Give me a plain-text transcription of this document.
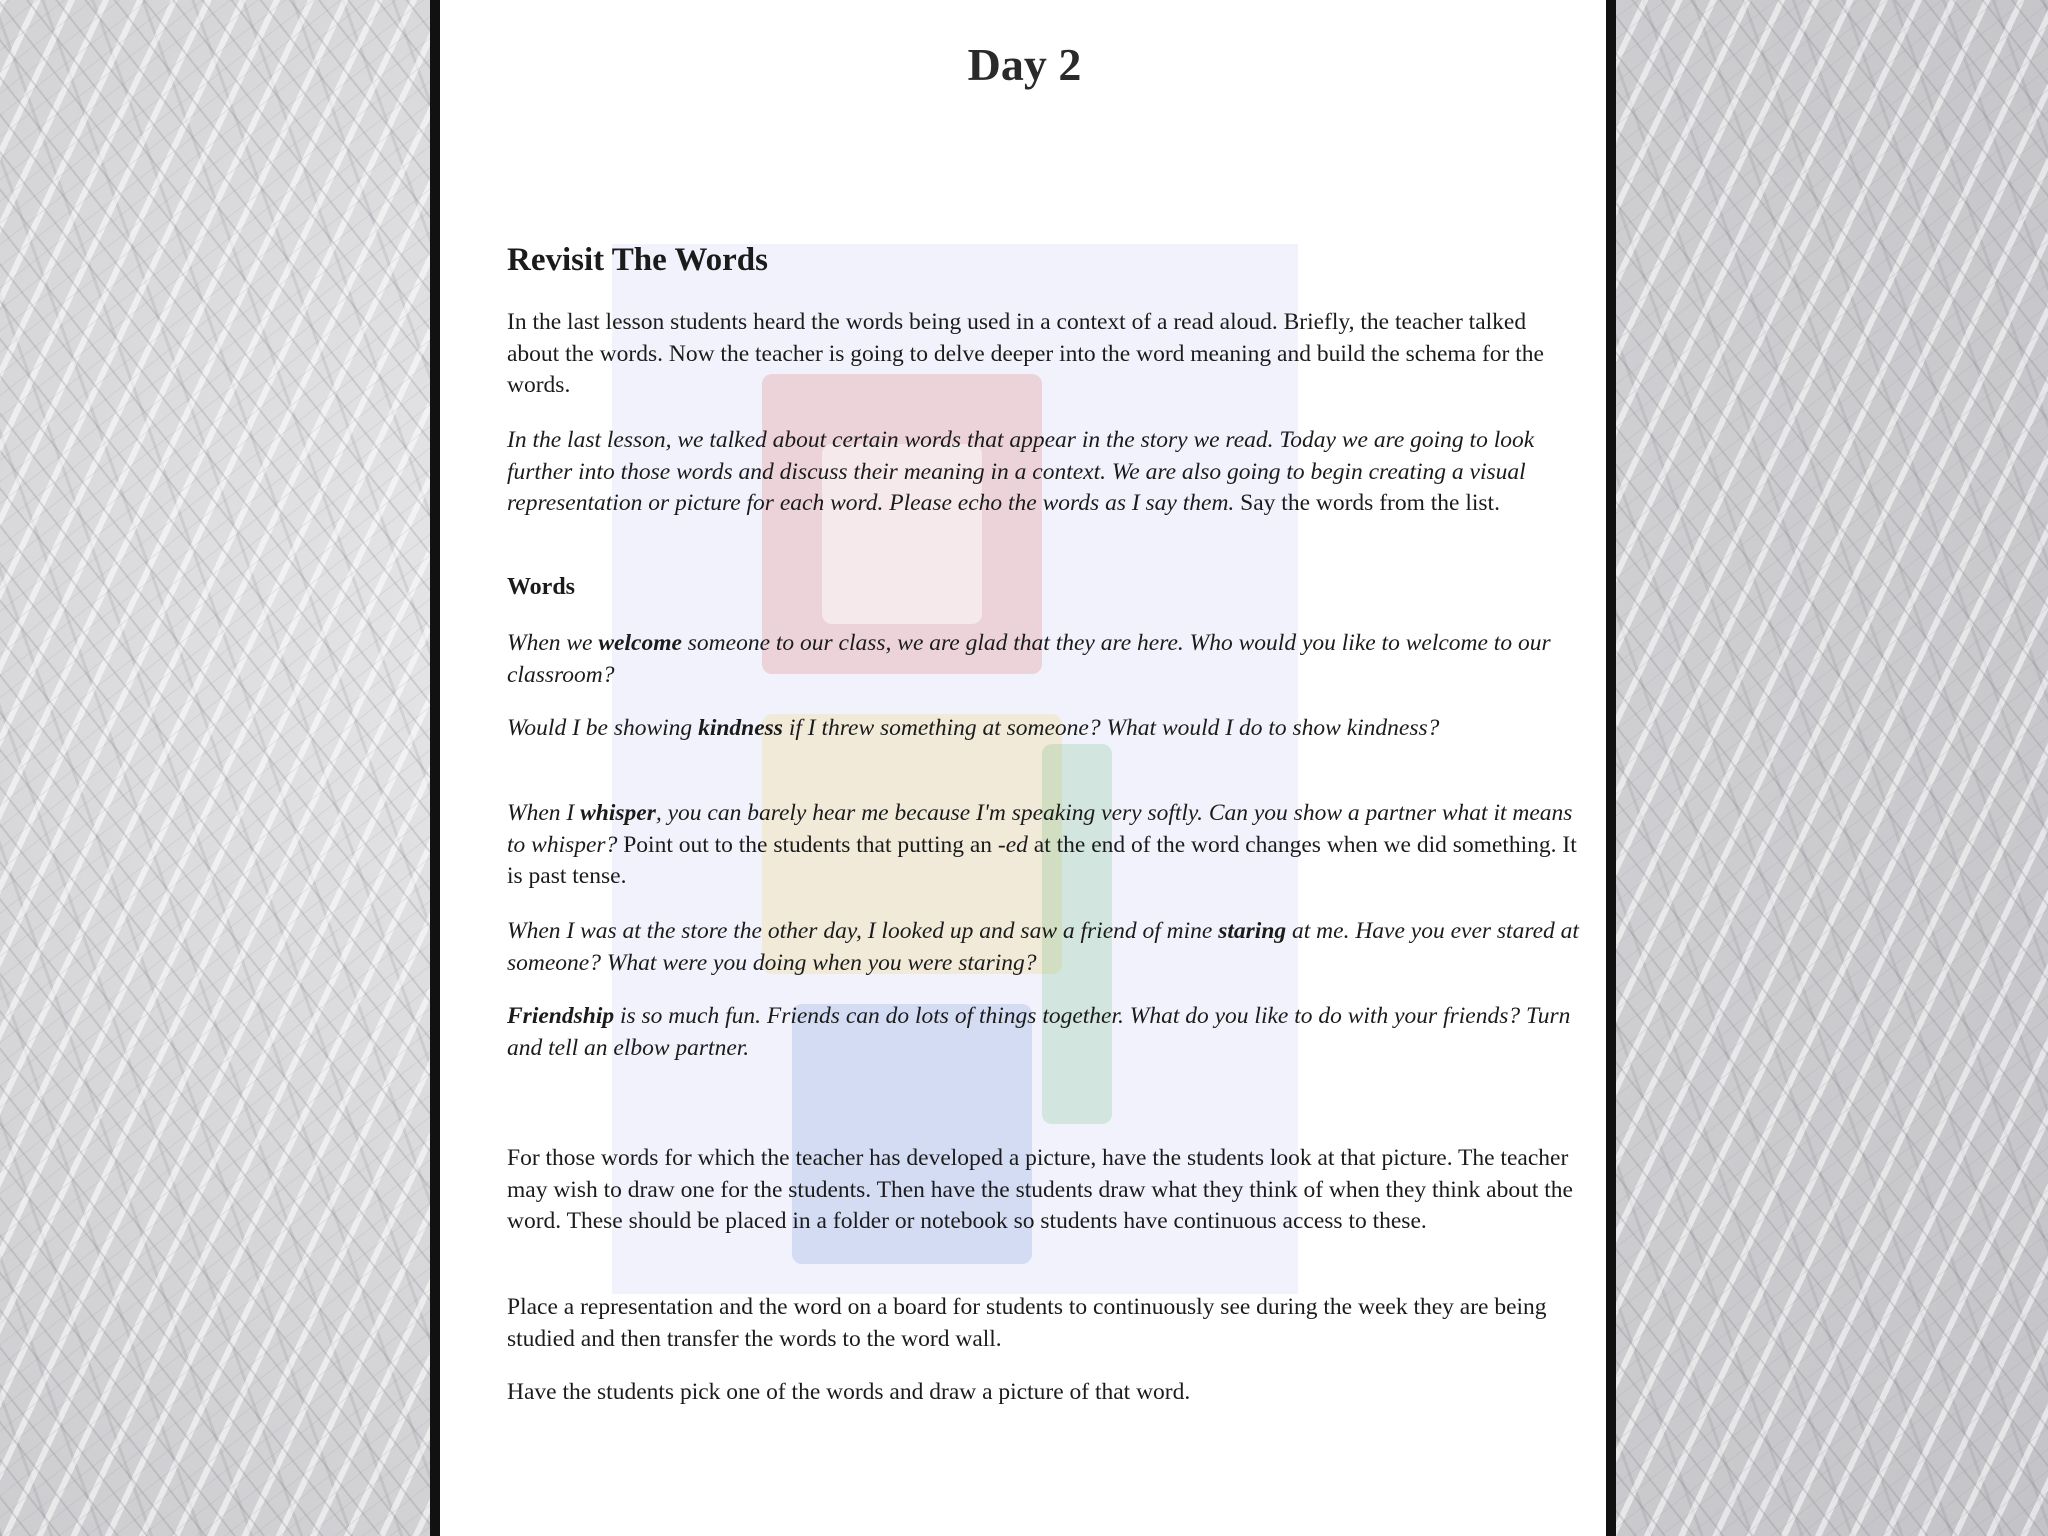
Day 2
Revisit The Words

In the last lesson students heard the words being used in a context of a read aloud. Briefly, the teacher talked about the words. Now the teacher is going to delve deeper into the word meaning and build the schema for the words.

In the last lesson, we talked about certain words that appear in the story we read. Today we are going to look further into those words and discuss their meaning in a context. We are also going to begin creating a visual representation or picture for each word. Please echo the words as I say them. Say the words from the list.

Words

When we welcome someone to our class, we are glad that they are here. Who would you like to welcome to our classroom?

Would I be showing kindness if I threw something at someone? What would I do to show kindness?

When I whisper, you can barely hear me because I'm speaking very softly. Can you show a partner what it means to whisper? Point out to the students that putting an -ed at the end of the word changes when we did something. It is past tense.

When I was at the store the other day, I looked up and saw a friend of mine staring at me. Have you ever stared at someone? What were you doing when you were staring?

Friendship is so much fun. Friends can do lots of things together. What do you like to do with your friends? Turn and tell an elbow partner.

For those words for which the teacher has developed a picture, have the students look at that picture. The teacher may wish to draw one for the students. Then have the students draw what they think of when they think about the word. These should be placed in a folder or notebook so students have continuous access to these.

Place a representation and the word on a board for students to continuously see during the week they are being studied and then transfer the words to the word wall.

Have the students pick one of the words and draw a picture of that word.
